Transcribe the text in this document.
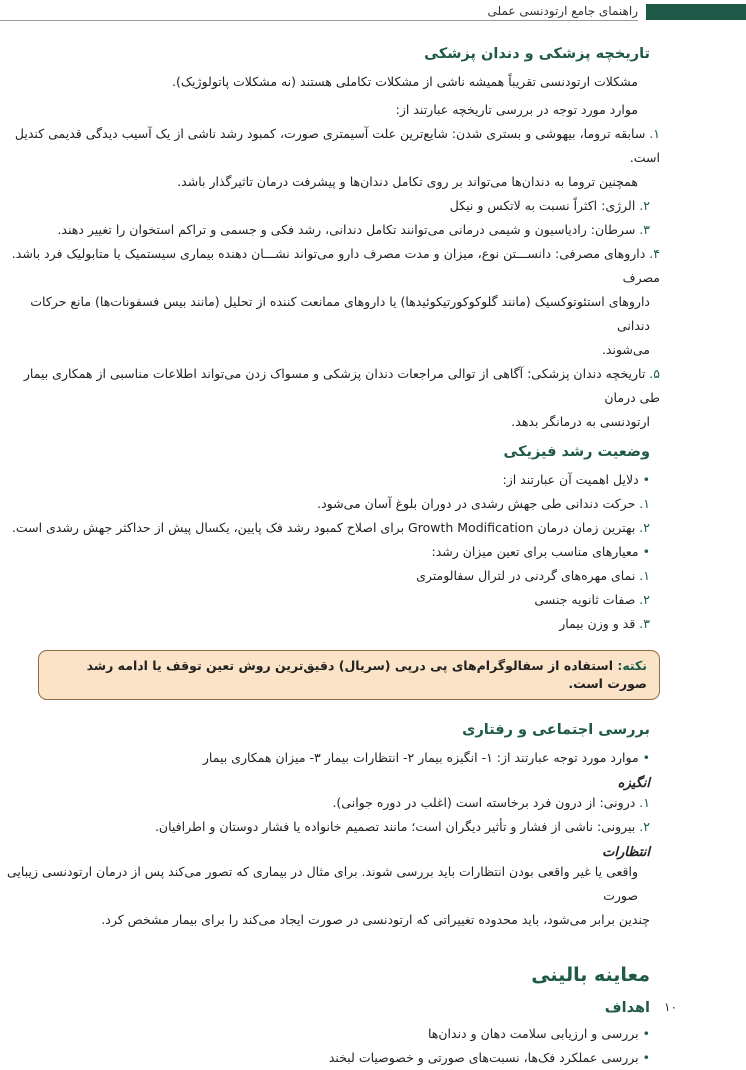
راهنمای جامع ارتودنسی عملی
تاریخچه پزشکی و دندان پزشکی

مشکلات ارتودنسی تقریباً همیشه ناشی از مشکلات تکاملی هستند (نه مشکلات پاتولوژیک).

موارد مورد توجه در بررسی تاریخچه عبارتند از:

۱. سابقه تروما، بیهوشی و بستری شدن: شایع‌ترین علت آسیمتری صورت، کمبود رشد ناشی از یک آسیب دیدگی قدیمی کندیل است.

همچنین تروما به دندان‌ها می‌تواند بر روی تکامل دندان‌ها و پیشرفت درمان تاثیرگذار باشد.

۲. الرژی: اکثراً نسبت به لاتکس و نیکل

۳. سرطان: رادیاسیون و شیمی درمانی می‌توانند تکامل دندانی، رشد فکی و جسمی و تراکم استخوان را تغییر دهند.

۴. داروهای مصرفی: دانســـتن نوع، میزان و مدت مصرف دارو می‌تواند نشـــان دهنده بیماری سیستمیک یا متابولیک فرد باشد. مصرف

داروهای استئوتوکسیک (مانند گلوکوکورتیکوئیدها) یا داروهای ممانعت کننده از تحلیل (مانند بیس فسفونات‌ها) مانع حرکات دندانی

می‌شوند.

۵. تاریخچه دندان پزشکی: آگاهی از توالی مراجعات دندان پزشکی و مسواک زدن می‌تواند اطلاعات مناسبی از همکاری بیمار طی درمان

ارتودنسی به درمانگر بدهد.

وضعیت رشد فیزیکی

• دلایل اهمیت آن عبارتند از:

۱. حرکت دندانی طی جهش رشدی در دوران بلوغ آسان می‌شود.

۲. بهترین زمان درمان Growth Modification برای اصلاح کمبود رشد فک پایین، یکسال پیش از حداکثر جهش رشدی است.

• معیارهای مناسب برای تعین میزان رشد:

۱. نمای مهره‌های گردنی در لترال سفالومتری

۲. صفات ثانویه جنسی

۳. قد و وزن بیمار

نکته: استفاده از سفالوگرام‌های پی درپی (سریال) دقیق‌ترین روش تعین توقف یا ادامه رشد صورت است.
بررسی اجتماعی و رفتاری

• موارد مورد توجه عبارتند از: ۱- انگیزه بیمار ۲- انتظارات بیمار ۳- میزان همکاری بیمار

انگیزه

۱. درونی: از درون فرد برخاسته است (اغلب در دوره جوانی).

۲. بیرونی: ناشی از فشار و تأثیر دیگران است؛ مانند تصمیم خانواده یا فشار دوستان و اطرافیان.

انتظارات

واقعی یا غیر واقعی بودن انتظارات باید بررسی شوند. برای مثال در بیماری که تصور می‌کند پس از درمان ارتودنسی زیبایی صورت

چندین برابر می‌شود، باید محدوده تغییراتی که ارتودنسی در صورت ایجاد می‌کند را برای بیمار مشخص کرد.

معاینه بالینی
اهداف

• بررسی و ارزیابی سلامت دهان و دندان‌ها

• بررسی عملکرد فک‌ها، نسبت‌های صورتی و خصوصیات لبخند

۱۰
